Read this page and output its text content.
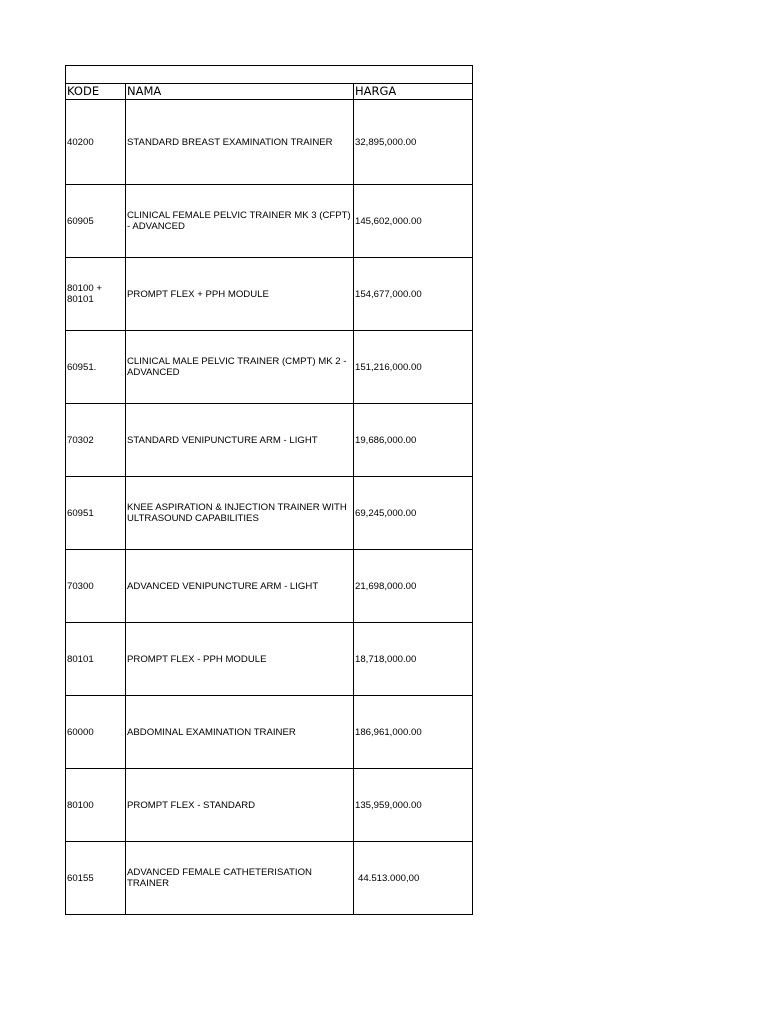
KODE	NAMA	HARGA
40200	STANDARD BREAST EXAMINATION TRAINER	32,895,000.00
60905	CLINICAL FEMALE PELVIC TRAINER MK 3 (CFPT) - ADVANCED	145,602,000.00
80100 + 80101	PROMPT FLEX + PPH MODULE	154,677,000.00
60951.	CLINICAL MALE PELVIC TRAINER (CMPT) MK 2 - ADVANCED	151,216,000.00
70302	STANDARD VENIPUNCTURE ARM - LIGHT	19,686,000.00
60951	KNEE ASPIRATION & INJECTION TRAINER WITH ULTRASOUND CAPABILITIES	69,245,000.00
70300	ADVANCED VENIPUNCTURE ARM - LIGHT	21,698,000.00
80101	PROMPT FLEX - PPH MODULE	18,718,000.00
60000	ABDOMINAL EXAMINATION TRAINER	186,961,000.00
80100	PROMPT FLEX - STANDARD	135,959,000.00
60155	ADVANCED FEMALE CATHETERISATION TRAINER	44.513.000,00
